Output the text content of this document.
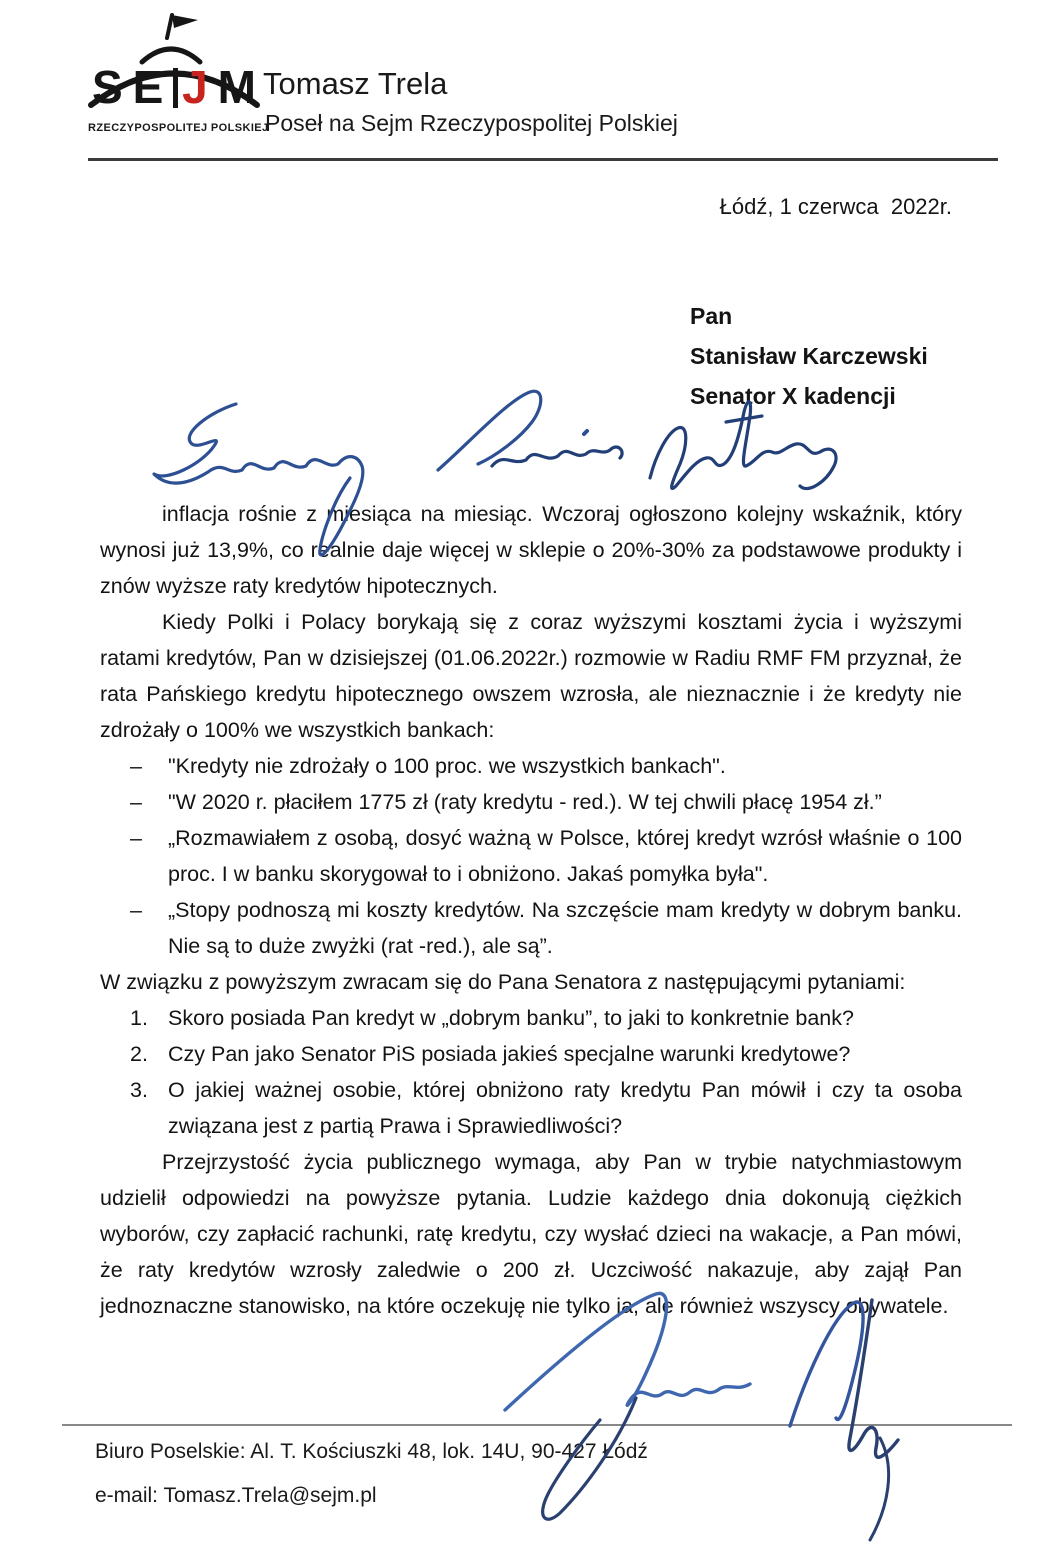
S E J M
RZECZYPOSPOLITEJ POLSKIEJ
Tomasz Trela
Poseł na Sejm Rzeczypospolitej Polskiej
Łódź, 1 czerwca  2022r.
Pan
Stanisław Karczewski
Senator X kadencji

inflacja rośnie z miesiąca na miesiąc. Wczoraj ogłoszono kolejny wskaźnik, który wynosi już 13,9%, co realnie daje więcej w sklepie o 20%-30% za podstawowe produkty i znów wyższe raty kredytów hipotecznych.

Kiedy Polki i Polacy borykają się z coraz wyższymi kosztami życia i wyższymi ratami kredytów, Pan w dzisiejszej (01.06.2022r.) rozmowie w Radiu RMF FM przyznał, że rata Pańskiego kredytu hipotecznego owszem wzrosła, ale nieznacznie i że kredyty nie zdrożały o 100% we wszystkich bankach:

–	"Kredyty nie zdrożały o 100 proc. we wszystkich bankach".
–	"W 2020 r. płaciłem 1775 zł (raty kredytu - red.). W tej chwili płacę 1954 zł.”
–	„Rozmawiałem z osobą, dosyć ważną w Polsce, której kredyt wzrósł właśnie o 100 proc. I w banku skorygował to i obniżono. Jakaś pomyłka była".
–	„Stopy podnoszą mi koszty kredytów. Na szczęście mam kredyty w dobrym banku. Nie są to duże zwyżki (rat -red.), ale są”.

W związku z powyższym zwracam się do Pana Senatora z następującymi pytaniami:

1. Skoro posiada Pan kredyt w „dobrym banku”, to jaki to konkretnie bank?
2. Czy Pan jako Senator PiS posiada jakieś specjalne warunki kredytowe?
3. O jakiej ważnej osobie, której obniżono raty kredytu Pan mówił i czy ta osoba związana jest z partią Prawa i Sprawiedliwości?

Przejrzystość życia publicznego wymaga, aby Pan w trybie natychmiastowym udzielił odpowiedzi na powyższe pytania. Ludzie każdego dnia dokonują ciężkich wyborów, czy zapłacić rachunki, ratę kredytu, czy wysłać dzieci na wakacje, a Pan mówi, że raty kredytów wzrosły zaledwie o 200 zł. Uczciwość nakazuje, aby zajął Pan jednoznaczne stanowisko, na które oczekuję nie tylko ja, ale również wszyscy obywatele.

Biuro Poselskie: Al. T. Kościuszki 48, lok. 14U, 90-427 Łódź
e-mail: Tomasz.Trela@sejm.pl
